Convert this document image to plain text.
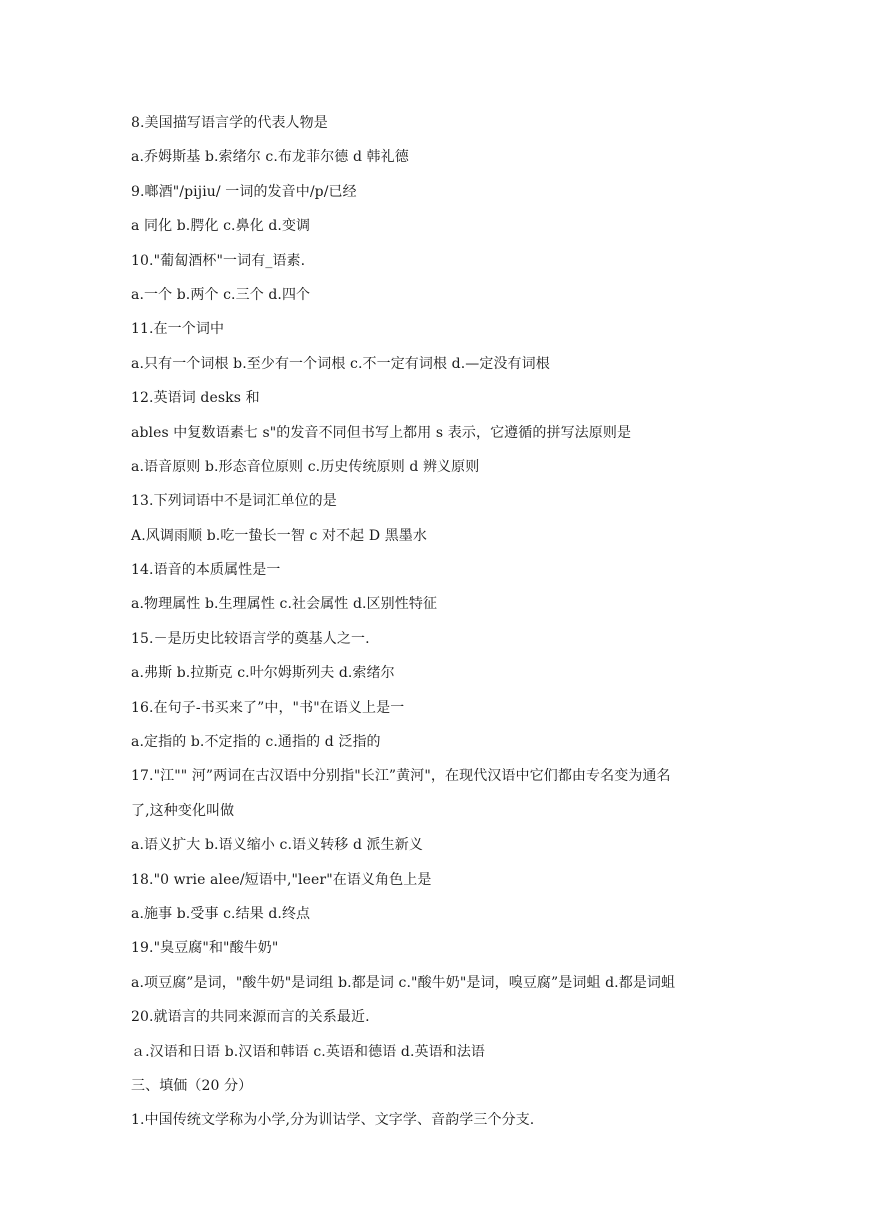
8.美国描写语言学的代表人物是
a.乔姆斯基 b.索绪尔 c.布龙菲尔德 d 韩礼德
9.啷酒"/pijiu/ 一词的发音中/p/已经
a 同化 b.腭化 c.鼻化 d.变调
10."葡匐酒杯"一词有_语素.
a.一个 b.两个 c.三个 d.四个
11.在一个词中
a.只有一个词根 b.至少有一个词根 c.不一定有词根 d.—定没有词根
12.英语词 desks 和
ables 中复数语素七 s"的发音不同但书写上都用 s 表示，它遵循的拼写法原则是
a.语音原则 b.形态音位原则 c.历史传统原则 d 辨义原则
13.下列词语中不是词汇单位的是
A.风调雨顺 b.吃一蛰长一智 c 对不起 D 黑墨水
14.语音的本质属性是一
a.物理属性 b.生理属性 c.社会属性 d.区别性特征
15.－是历史比较语言学的奠基人之一.
a.弗斯 b.拉斯克 c.叶尔姆斯列夫 d.索绪尔
16.在句子-书买来了”中，"书"在语义上是一
a.定指的 b.不定指的 c.通指的 d 泛指的
17."江"" 河”两词在古汉语中分别指"长江”黄河"，在现代汉语中它们都由专名变为通名
了,这种变化叫做
a.语义扩大 b.语义缩小 c.语义转移 d 派生新义
18."0 wrie alee/短语中,"leer"在语义角色上是
a.施事 b.受事 c.结果 d.终点
19."臭豆腐"和"酸牛奶"
a.项豆腐”是词，"酸牛奶"是词组 b.都是词 c."酸牛奶"是词，嗅豆腐”是词蛆 d.都是词蛆
20.就语言的共同来源而言的关系最近.
ａ.汉语和日语 b.汉语和韩语 c.英语和德语 d.英语和法语
三、填価（20 分）
1.中国传统文学称为小学,分为训诂学、文字学、音韵学三个分支.
